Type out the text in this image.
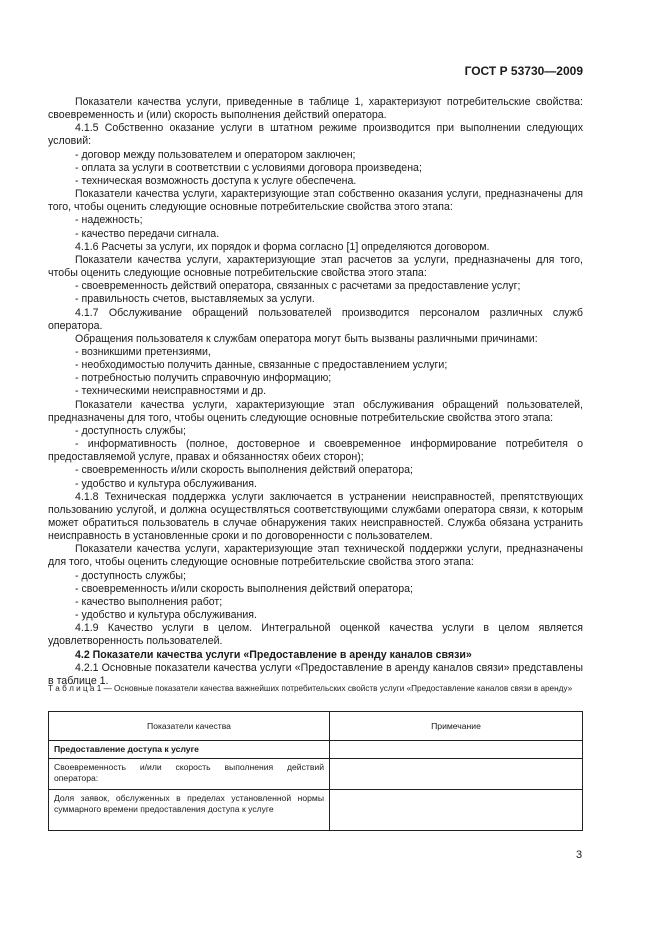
ГОСТ Р 53730—2009

Показатели качества услуги, приведенные в таблице 1, характеризуют потребительские свойства: своевременность и (или) скорость выполнения действий оператора.

4.1.5 Собственно оказание услуги в штатном режиме производится при выполнении следующих условий:

- договор между пользователем и оператором заключен;

- оплата за услуги в соответствии с условиями договора произведена;

- техническая возможность доступа к услуге обеспечена.

Показатели качества услуги, характеризующие этап собственно оказания услуги, предназначены для того, чтобы оценить следующие основные потребительские свойства этого этапа:

- надежность;

- качество передачи сигнала.

4.1.6 Расчеты за услуги, их порядок и форма согласно [1] определяются договором.

Показатели качества услуги, характеризующие этап расчетов за услуги, предназначены для того, чтобы оценить следующие основные потребительские свойства этого этапа:

- своевременность действий оператора, связанных с расчетами за предоставление услуг;

- правильность счетов, выставляемых за услуги.

4.1.7 Обслуживание обращений пользователей производится персоналом различных служб оператора.

Обращения пользователя к службам оператора могут быть вызваны различными причинами:

- возникшими претензиями,

- необходимостью получить данные, связанные с предоставлением услуги;

- потребностью получить справочную информацию;

- техническими неисправностями и др.

Показатели качества услуги, характеризующие этап обслуживания обращений пользователей, предназначены для того, чтобы оценить следующие основные потребительские свойства этого этапа:

- доступность службы;

- информативность (полное, достоверное и своевременное информирование потребителя о предоставляемой услуге, правах и обязанностях обеих сторон);

- своевременность и/или скорость выполнения действий оператора;

- удобство и культура обслуживания.

4.1.8 Техническая поддержка услуги заключается в устранении неисправностей, препятствующих пользованию услугой, и должна осуществляться соответствующими службами оператора связи, к которым может обратиться пользователь в случае обнаружения таких неисправностей. Служба обязана устранить неисправность в установленные сроки и по договоренности с пользователем.

Показатели качества услуги, характеризующие этап технической поддержки услуги, предназначены для того, чтобы оценить следующие основные потребительские свойства этого этапа:

- доступность службы;

- своевременность и/или скорость выполнения действий оператора;

- качество выполнения работ;

- удобство и культура обслуживания.

4.1.9 Качество услуги в целом. Интегральной оценкой качества услуги в целом является удовлетворенность пользователей.

4.2 Показатели качества услуги «Предоставление в аренду каналов связи»

4.2.1 Основные показатели качества услуги «Предоставление в аренду каналов связи» представлены в таблице 1.

Т а б л и ц а 1 — Основные показатели качества важнейших потребительских свойств услуги «Предоставление каналов связи в аренду»
Показатели качества	Примечание
Предоставление доступа к услуге	
Своевременность и/или скорость выполнения действий оператора:	
Доля заявок, обслуженных в пределах установленной нормы суммарного времени предоставления доступа к услуге	
3
